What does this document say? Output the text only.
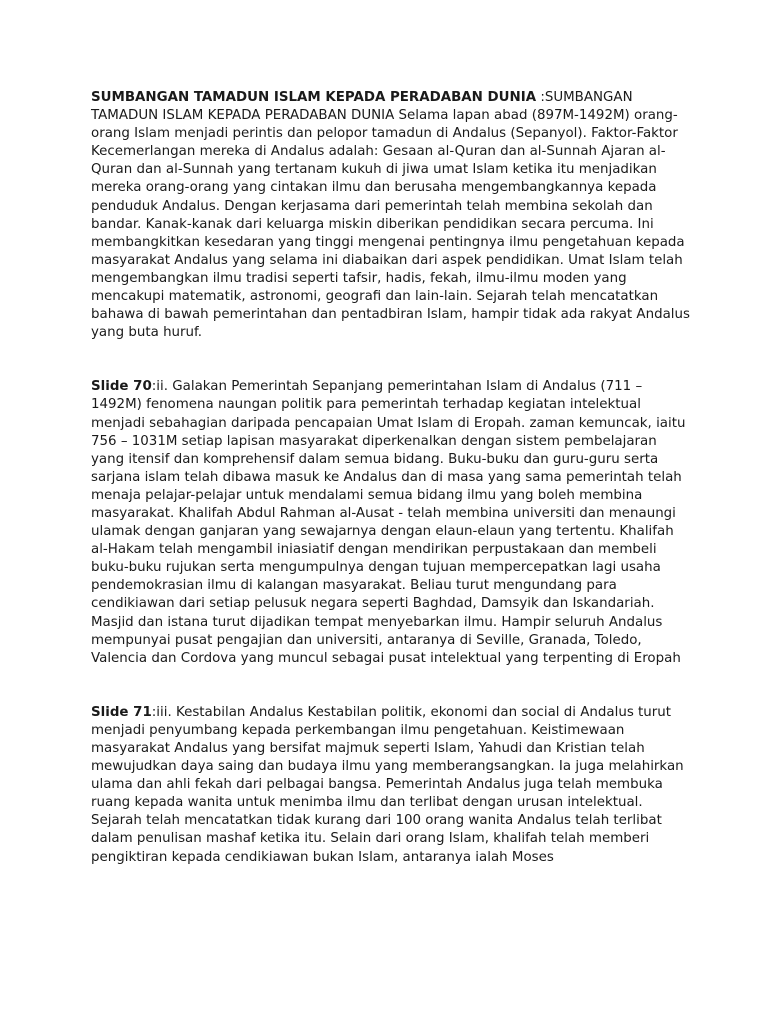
SUMBANGAN TAMADUN ISLAM KEPADA PERADABAN DUNIA :SUMBANGAN TAMADUN ISLAM KEPADA PERADABAN DUNIA Selama lapan abad (897M-1492M) orang-orang Islam menjadi perintis dan pelopor tamadun di Andalus (Sepanyol). Faktor-Faktor Kecemerlangan mereka di Andalus adalah: Gesaan al-Quran dan al-Sunnah Ajaran al-Quran dan al-Sunnah yang tertanam kukuh di jiwa umat Islam ketika itu menjadikan mereka orang-orang yang cintakan ilmu dan berusaha mengembangkannya kepada penduduk Andalus. Dengan kerjasama dari pemerintah telah membina sekolah dan bandar. Kanak-kanak dari keluarga miskin diberikan pendidikan secara percuma. Ini membangkitkan kesedaran yang tinggi mengenai pentingnya ilmu pengetahuan kepada masyarakat Andalus yang selama ini diabaikan dari aspek pendidikan. Umat Islam telah mengembangkan ilmu tradisi seperti tafsir, hadis, fekah, ilmu-ilmu moden yang mencakupi matematik, astronomi, geografi dan lain-lain. Sejarah telah mencatatkan bahawa di bawah pemerintahan dan pentadbiran Islam, hampir tidak ada rakyat Andalus yang buta huruf.

Slide 70:ii. Galakan Pemerintah Sepanjang pemerintahan Islam di Andalus (711 – 1492M) fenomena naungan politik para pemerintah terhadap kegiatan intelektual menjadi sebahagian daripada pencapaian Umat Islam di Eropah. zaman kemuncak, iaitu 756 – 1031M setiap lapisan masyarakat diperkenalkan dengan sistem pembelajaran yang itensif dan komprehensif dalam semua bidang. Buku-buku dan guru-guru serta sarjana islam telah dibawa masuk ke Andalus dan di masa yang sama pemerintah telah menaja pelajar-pelajar untuk mendalami semua bidang ilmu yang boleh membina masyarakat. Khalifah Abdul Rahman al-Ausat - telah membina universiti dan menaungi ulamak dengan ganjaran yang sewajarnya dengan elaun-elaun yang tertentu. Khalifah al-Hakam telah mengambil iniasiatif dengan mendirikan perpustakaan dan membeli buku-buku rujukan serta mengumpulnya dengan tujuan mempercepatkan lagi usaha pendemokrasian ilmu di kalangan masyarakat. Beliau turut mengundang para cendikiawan dari setiap pelusuk negara seperti Baghdad, Damsyik dan Iskandariah. Masjid dan istana turut dijadikan tempat menyebarkan ilmu. Hampir seluruh Andalus mempunyai pusat pengajian dan universiti, antaranya di Seville, Granada, Toledo, Valencia dan Cordova yang muncul sebagai pusat intelektual yang terpenting di Eropah

Slide 71:iii. Kestabilan Andalus Kestabilan politik, ekonomi dan social di Andalus turut menjadi penyumbang kepada perkembangan ilmu pengetahuan. Keistimewaan masyarakat Andalus yang bersifat majmuk seperti Islam, Yahudi dan Kristian telah mewujudkan daya saing dan budaya ilmu yang memberangsangkan. Ia juga melahirkan ulama dan ahli fekah dari pelbagai bangsa. Pemerintah Andalus juga telah membuka ruang kepada wanita untuk menimba ilmu dan terlibat dengan urusan intelektual. Sejarah telah mencatatkan tidak kurang dari 100 orang wanita Andalus telah terlibat dalam penulisan mashaf ketika itu. Selain dari orang Islam, khalifah telah memberi pengiktiran kepada cendikiawan bukan Islam, antaranya ialah Moses
